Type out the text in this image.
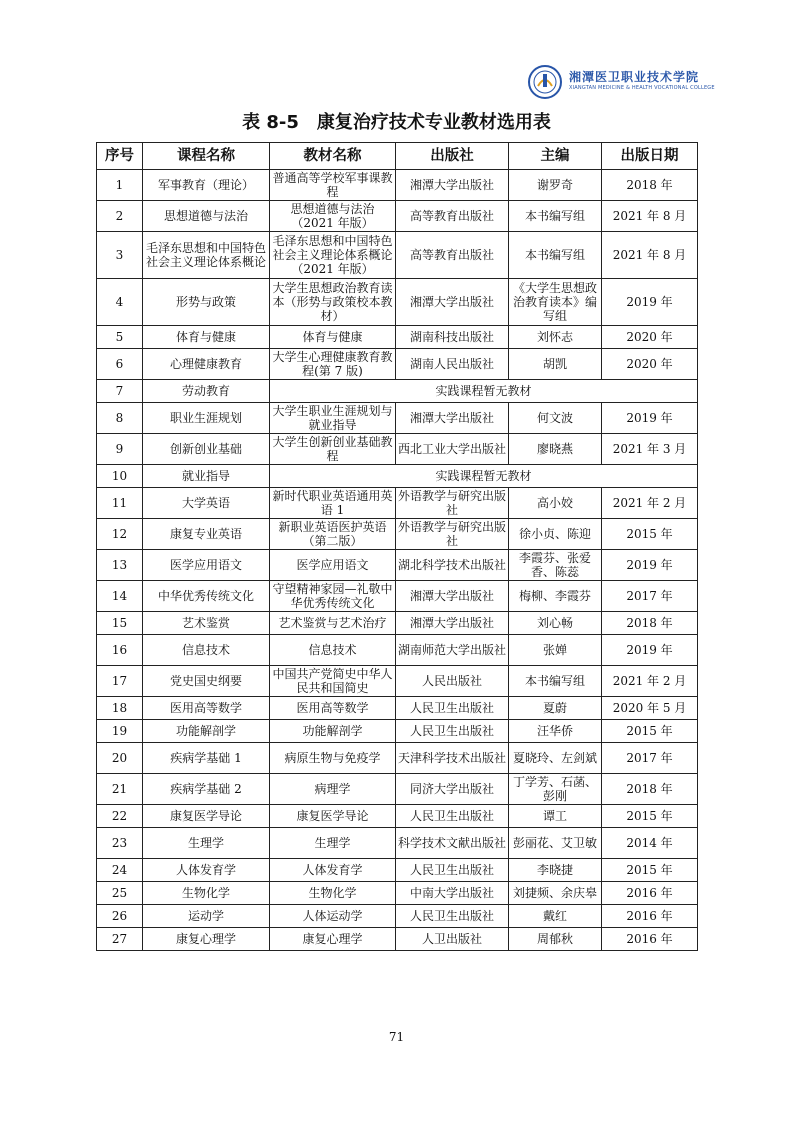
湘潭医卫职业技术学院
XIANGTAN MEDICINE & HEALTH VOCATIONAL COLLEGE
表 8-5　康复治疗技术专业教材选用表
序号	课程名称	教材名称	出版社	主编	出版日期
1	军事教育（理论）	普通高等学校军事课教程	湘潭大学出版社	谢罗奇	2018 年
2	思想道德与法治	思想道德与法治（2021 年版）	高等教育出版社	本书编写组	2021 年 8 月
3	毛泽东思想和中国特色社会主义理论体系概论	毛泽东思想和中国特色社会主义理论体系概论（2021 年版）	高等教育出版社	本书编写组	2021 年 8 月
4	形势与政策	大学生思想政治教育读本（形势与政策校本教材）	湘潭大学出版社	《大学生思想政治教育读本》编写组	2019 年
5	体育与健康	体育与健康	湖南科技出版社	刘怀志	2020 年
6	心理健康教育	大学生心理健康教育教程(第 7 版)	湖南人民出版社	胡凯	2020 年
7	劳动教育	实践课程暂无教材			
8	职业生涯规划	大学生职业生涯规划与就业指导	湘潭大学出版社	何文波	2019 年
9	创新创业基础	大学生创新创业基础教程	西北工业大学出版社	廖晓燕	2021 年 3 月
10	就业指导	实践课程暂无教材			
11	大学英语	新时代职业英语通用英语 1	外语教学与研究出版社	高小姣	2021 年 2 月
12	康复专业英语	新职业英语医护英语（第二版）	外语教学与研究出版社	徐小贞、陈迎	2015 年
13	医学应用语文	医学应用语文	湖北科学技术出版社	李霞芬、张爱香、陈蕊	2019 年
14	中华优秀传统文化	守望精神家园—礼敬中华优秀传统文化	湘潭大学出版社	梅柳、李霞芬	2017 年
15	艺术鉴赏	艺术鉴赏与艺术治疗	湘潭大学出版社	刘心畅	2018 年
16	信息技术	信息技术	湖南师范大学出版社	张婵	2019 年
17	党史国史纲要	中国共产党简史中华人民共和国简史	人民出版社	本书编写组	2021 年 2 月
18	医用高等数学	医用高等数学	人民卫生出版社	夏蔚	2020 年 5 月
19	功能解剖学	功能解剖学	人民卫生出版社	汪华侨	2015 年
20	疾病学基础 1	病原生物与免疫学	天津科学技术出版社	夏晓玲、左剑斌	2017 年
21	疾病学基础 2	病理学	同济大学出版社	丁学芳、石菡、彭刚	2018 年
22	康复医学导论	康复医学导论	人民卫生出版社	谭工	2015 年
23	生理学	生理学	科学技术文献出版社	彭丽花、艾卫敏	2014 年
24	人体发育学	人体发育学	人民卫生出版社	李晓捷	2015 年
25	生物化学	生物化学	中南大学出版社	刘捷频、余庆皋	2016 年
26	运动学	人体运动学	人民卫生出版社	戴红	2016 年
27	康复心理学	康复心理学	人卫出版社	周郁秋	2016 年
71
